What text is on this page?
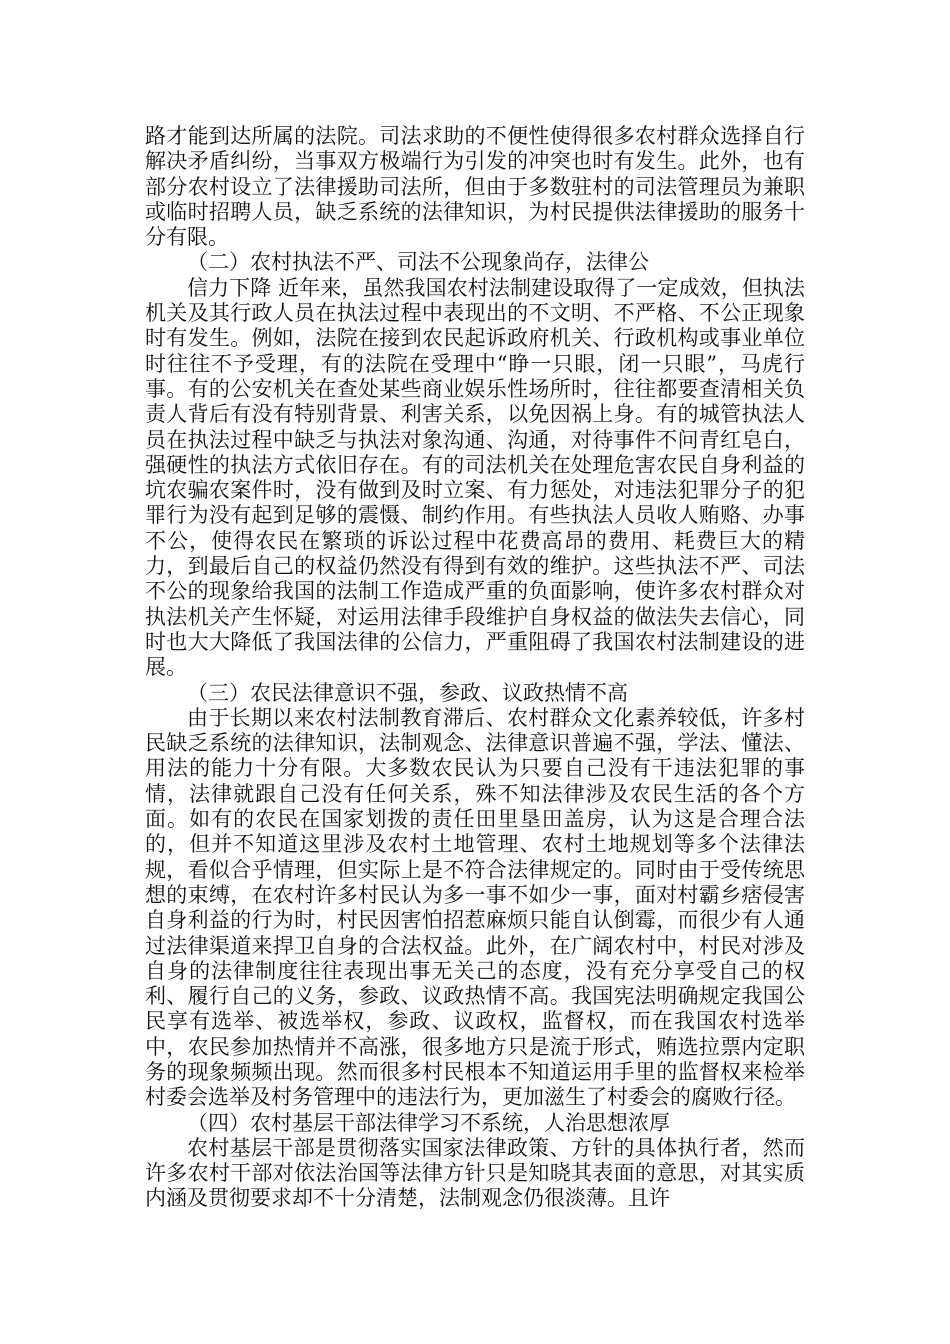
路才能到达所属的法院。司法求助的不便性使得很多农村群众选择自行解决矛盾纠纷，当事双方极端行为引发的冲突也时有发生。此外，也有部分农村设立了法律援助司法所，但由于多数驻村的司法管理员为兼职或临时招聘人员，缺乏系统的法律知识，为村民提供法律援助的服务十分有限。

（二）农村执法不严、司法不公现象尚存，法律公

信力下降 近年来，虽然我国农村法制建设取得了一定成效，但执法机关及其行政人员在执法过程中表现出的不文明、不严格、不公正现象时有发生。例如，法院在接到农民起诉政府机关、行政机构或事业单位时往往不予受理，有的法院在受理中“睁一只眼，闭一只眼”，马虎行事。有的公安机关在查处某些商业娱乐性场所时，往往都要查清相关负责人背后有没有特别背景、利害关系，以免因祸上身。有的城管执法人员在执法过程中缺乏与执法对象沟通、沟通，对待事件不问青红皂白，强硬性的执法方式依旧存在。有的司法机关在处理危害农民自身利益的坑农骗农案件时，没有做到及时立案、有力惩处，对违法犯罪分子的犯罪行为没有起到足够的震慑、制约作用。有些执法人员收人贿赂、办事不公，使得农民在繁琐的诉讼过程中花费高昂的费用、耗费巨大的精力，到最后自己的权益仍然没有得到有效的维护。这些执法不严、司法不公的现象给我国的法制工作造成严重的负面影响，使许多农村群众对执法机关产生怀疑，对运用法律手段维护自身权益的做法失去信心，同时也大大降低了我国法律的公信力，严重阻碍了我国农村法制建设的进展。

（三）农民法律意识不强，参政、议政热情不高

由于长期以来农村法制教育滞后、农村群众文化素养较低，许多村民缺乏系统的法律知识，法制观念、法律意识普遍不强，学法、懂法、用法的能力十分有限。大多数农民认为只要自己没有干违法犯罪的事情，法律就跟自己没有任何关系，殊不知法律涉及农民生活的各个方面。如有的农民在国家划拨的责任田里垦田盖房，认为这是合理合法的，但并不知道这里涉及农村土地管理、农村土地规划等多个法律法规，看似合乎情理，但实际上是不符合法律规定的。同时由于受传统思想的束缚，在农村许多村民认为多一事不如少一事，面对村霸乡痞侵害自身利益的行为时，村民因害怕招惹麻烦只能自认倒霉，而很少有人通过法律渠道来捍卫自身的合法权益。此外，在广阔农村中，村民对涉及自身的法律制度往往表现出事无关己的态度，没有充分享受自己的权利、履行自己的义务，参政、议政热情不高。我国宪法明确规定我国公民享有选举、被选举权，参政、议政权，监督权，而在我国农村选举中，农民参加热情并不高涨，很多地方只是流于形式，贿选拉票内定职务的现象频频出现。然而很多村民根本不知道运用手里的监督权来检举村委会选举及村务管理中的违法行为，更加滋生了村委会的腐败行径。

（四）农村基层干部法律学习不系统，人治思想浓厚

农村基层干部是贯彻落实国家法律政策、方针的具体执行者，然而许多农村干部对依法治国等法律方针只是知晓其表面的意思，对其实质内涵及贯彻要求却不十分清楚，法制观念仍很淡薄。且许
